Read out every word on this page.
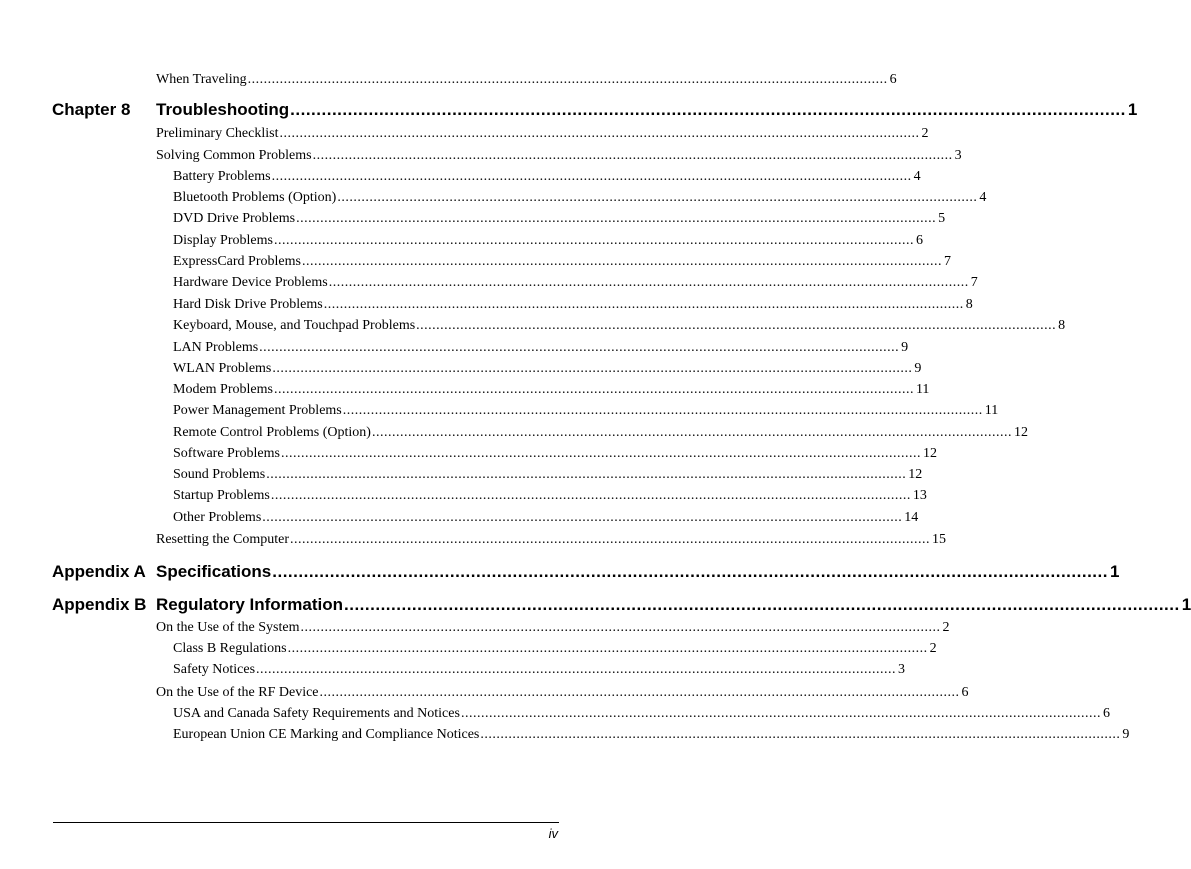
When Traveling ................................................................................................................................................................ 6
Chapter 8 Troubleshooting ................................................................................................................................................................ 1
Preliminary Checklist ................................................................................................................................................................ 2
Solving Common Problems ................................................................................................................................................................ 3
Battery Problems ................................................................................................................................................................ 4
Bluetooth Problems (Option) ................................................................................................................................................................ 4
DVD Drive Problems ................................................................................................................................................................ 5
Display Problems ................................................................................................................................................................ 6
ExpressCard Problems ................................................................................................................................................................ 7
Hardware Device Problems ................................................................................................................................................................ 7
Hard Disk Drive Problems ................................................................................................................................................................ 8
Keyboard, Mouse, and Touchpad Problems ................................................................................................................................................................ 8
LAN Problems ................................................................................................................................................................ 9
WLAN Problems ................................................................................................................................................................ 9
Modem Problems ................................................................................................................................................................ 11
Power Management Problems ................................................................................................................................................................ 11
Remote Control Problems (Option) ................................................................................................................................................................ 12
Software Problems ................................................................................................................................................................ 12
Sound Problems ................................................................................................................................................................ 12
Startup Problems ................................................................................................................................................................ 13
Other Problems ................................................................................................................................................................ 14
Resetting the Computer ................................................................................................................................................................ 15
Appendix A Specifications ................................................................................................................................................................ 1
Appendix B Regulatory Information ................................................................................................................................................................ 1
On the Use of the System ................................................................................................................................................................ 2
Class B Regulations ................................................................................................................................................................ 2
Safety Notices ................................................................................................................................................................ 3
On the Use of the RF Device ................................................................................................................................................................ 6
USA and Canada Safety Requirements and Notices ................................................................................................................................................................ 6
European Union CE Marking and Compliance Notices ................................................................................................................................................................ 9
iv
